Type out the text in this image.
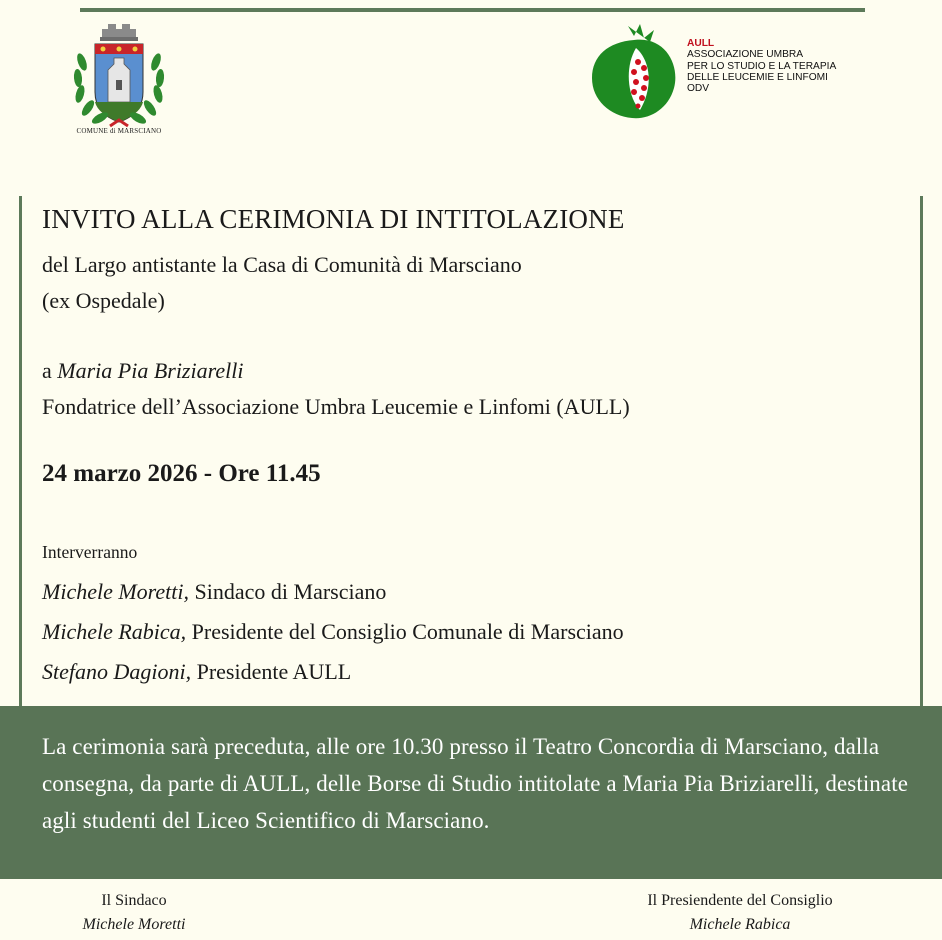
COMUNE di MARSCIANO
AULL
ASSOCIAZIONE UMBRA
PER LO STUDIO E LA TERAPIA
DELLE LEUCEMIE E LINFOMI
ODV
INVITO ALLA CERIMONIA DI INTITOLAZIONE
del Largo antistante la Casa di Comunità di Marsciano
(ex Ospedale)
a Maria Pia Briziarelli
Fondatrice dell’Associazione Umbra Leucemie e Linfomi (AULL)
24 marzo 2026 - Ore 11.45
Interverranno
Michele Moretti, Sindaco di Marsciano
Michele Rabica, Presidente del Consiglio Comunale di Marsciano
Stefano Dagioni, Presidente AULL

La cerimonia sarà preceduta, alle ore 10.30 presso il Teatro Concordia di Marsciano, dalla consegna, da parte di AULL, delle Borse di Studio intitolate a Maria Pia Briziarelli, destinate agli studenti del Liceo Scientifico di Marsciano.

Il Sindaco
Michele Moretti
Il Presiendente del Consiglio
Michele Rabica
